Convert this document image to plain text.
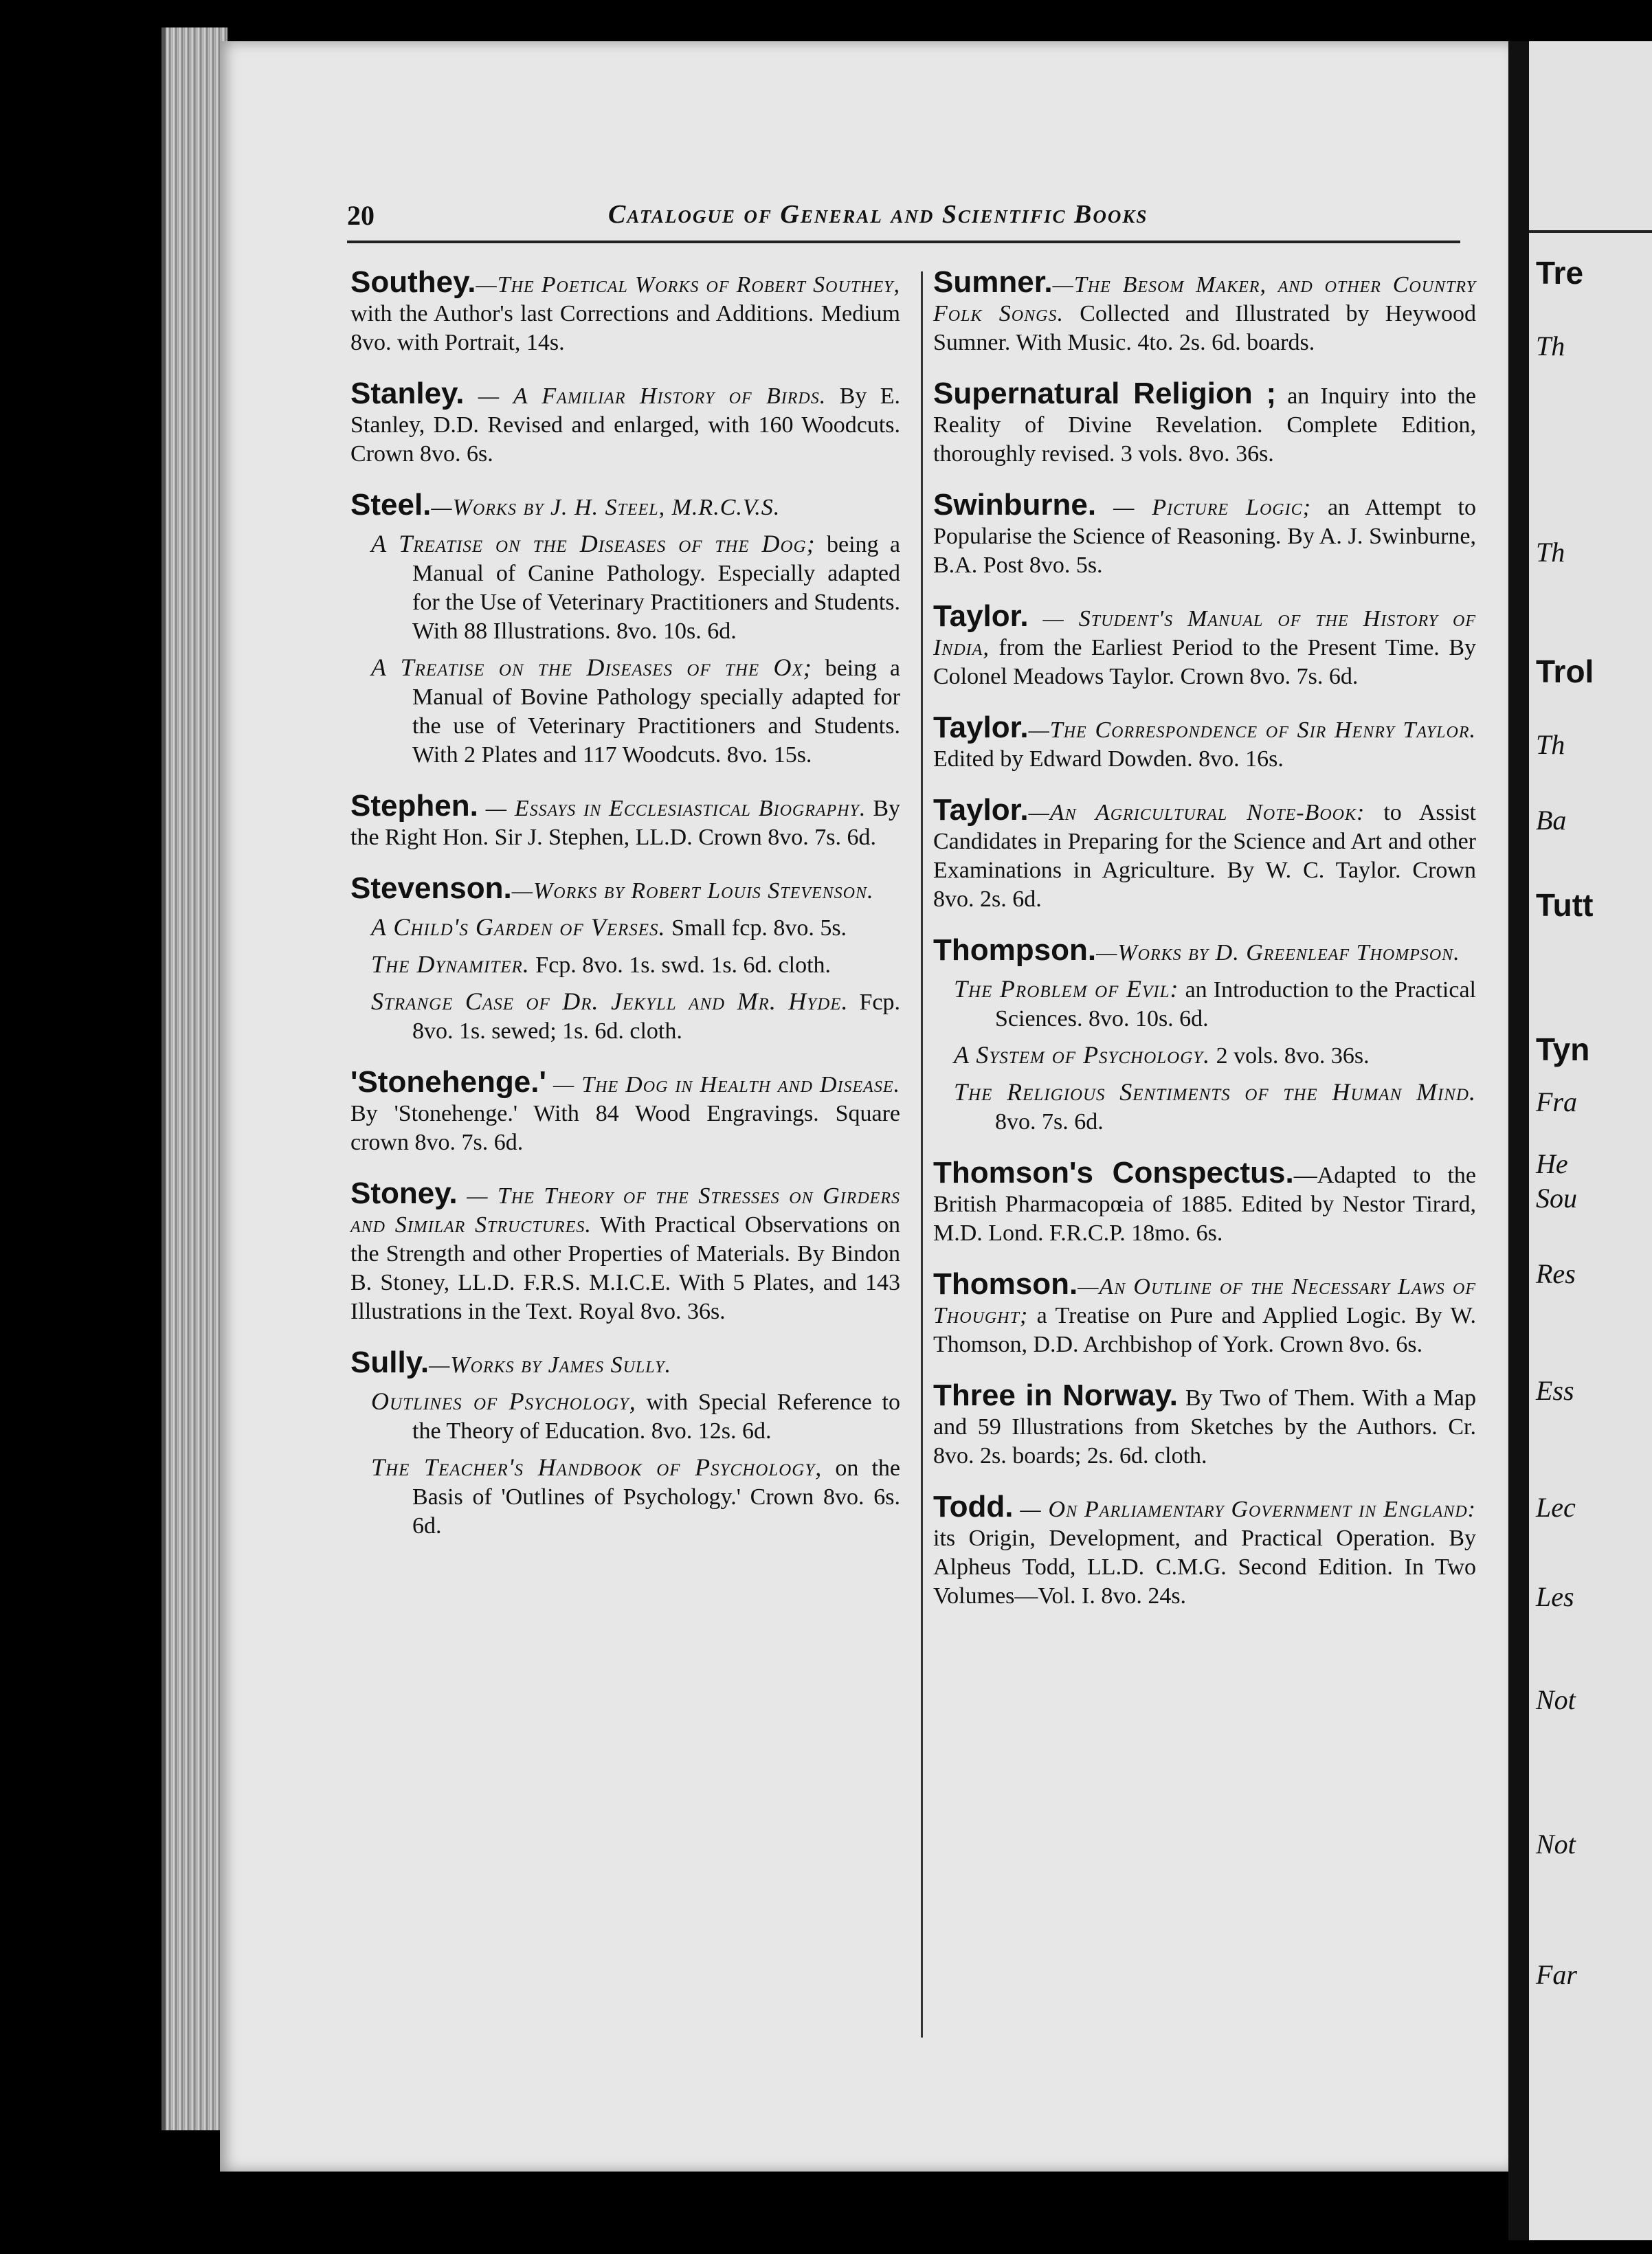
Tre
Th
Th
Trol
Th
Ba
Tutt
Tyn
Fra
He
Sou
Res
Ess
Lec
Les
Not
Not
Far
20	Catalogue of General and Scientific Books
Southey.—The Poetical Works of Robert Southey, with the Author's last Corrections and Additions. Medium 8vo. with Portrait, 14s.
Stanley. — A Familiar History of Birds. By E. Stanley, D.D. Revised and enlarged, with 160 Woodcuts. Crown 8vo. 6s.
Steel.—Works by J. H. Steel, M.R.C.V.S.
A Treatise on the Diseases of the Dog; being a Manual of Canine Pathology. Especially adapted for the Use of Veterinary Practitioners and Students. With 88 Illustrations. 8vo. 10s. 6d.
A Treatise on the Diseases of the Ox; being a Manual of Bovine Pathology specially adapted for the use of Veterinary Practitioners and Students. With 2 Plates and 117 Woodcuts. 8vo. 15s.
Stephen. — Essays in Ecclesiastical Biography. By the Right Hon. Sir J. Stephen, LL.D. Crown 8vo. 7s. 6d.
Stevenson.—Works by Robert Louis Stevenson.
A Child's Garden of Verses. Small fcp. 8vo. 5s.
The Dynamiter. Fcp. 8vo. 1s. swd. 1s. 6d. cloth.
Strange Case of Dr. Jekyll and Mr. Hyde. Fcp. 8vo. 1s. sewed; 1s. 6d. cloth.
'Stonehenge.' — The Dog in Health and Disease. By 'Stonehenge.' With 84 Wood Engravings. Square crown 8vo. 7s. 6d.
Stoney. — The Theory of the Stresses on Girders and Similar Structures. With Practical Observations on the Strength and other Properties of Materials. By Bindon B. Stoney, LL.D. F.R.S. M.I.C.E. With 5 Plates, and 143 Illustrations in the Text. Royal 8vo. 36s.
Sully.—Works by James Sully.
Outlines of Psychology, with Special Reference to the Theory of Education. 8vo. 12s. 6d.
The Teacher's Handbook of Psychology, on the Basis of 'Outlines of Psychology.' Crown 8vo. 6s. 6d.
Sumner.—The Besom Maker, and other Country Folk Songs. Collected and Illustrated by Heywood Sumner. With Music. 4to. 2s. 6d. boards.
Supernatural Religion ; an Inquiry into the Reality of Divine Revelation. Complete Edition, thoroughly revised. 3 vols. 8vo. 36s.
Swinburne. — Picture Logic; an Attempt to Popularise the Science of Reasoning. By A. J. Swinburne, B.A. Post 8vo. 5s.
Taylor. — Student's Manual of the History of India, from the Earliest Period to the Present Time. By Colonel Meadows Taylor. Crown 8vo. 7s. 6d.
Taylor.—The Correspondence of Sir Henry Taylor. Edited by Edward Dowden. 8vo. 16s.
Taylor.—An Agricultural Note-Book: to Assist Candidates in Preparing for the Science and Art and other Examinations in Agriculture. By W. C. Taylor. Crown 8vo. 2s. 6d.
Thompson.—Works by D. Greenleaf Thompson.
The Problem of Evil: an Introduction to the Practical Sciences. 8vo. 10s. 6d.
A System of Psychology. 2 vols. 8vo. 36s.
The Religious Sentiments of the Human Mind. 8vo. 7s. 6d.
Thomson's Conspectus.—Adapted to the British Pharmacopœia of 1885. Edited by Nestor Tirard, M.D. Lond. F.R.C.P. 18mo. 6s.
Thomson.—An Outline of the Necessary Laws of Thought; a Treatise on Pure and Applied Logic. By W. Thomson, D.D. Archbishop of York. Crown 8vo. 6s.
Three in Norway. By Two of Them. With a Map and 59 Illustrations from Sketches by the Authors. Cr. 8vo. 2s. boards; 2s. 6d. cloth.
Todd. — On Parliamentary Government in England: its Origin, Development, and Practical Operation. By Alpheus Todd, LL.D. C.M.G. Second Edition. In Two Volumes—Vol. I. 8vo. 24s.
